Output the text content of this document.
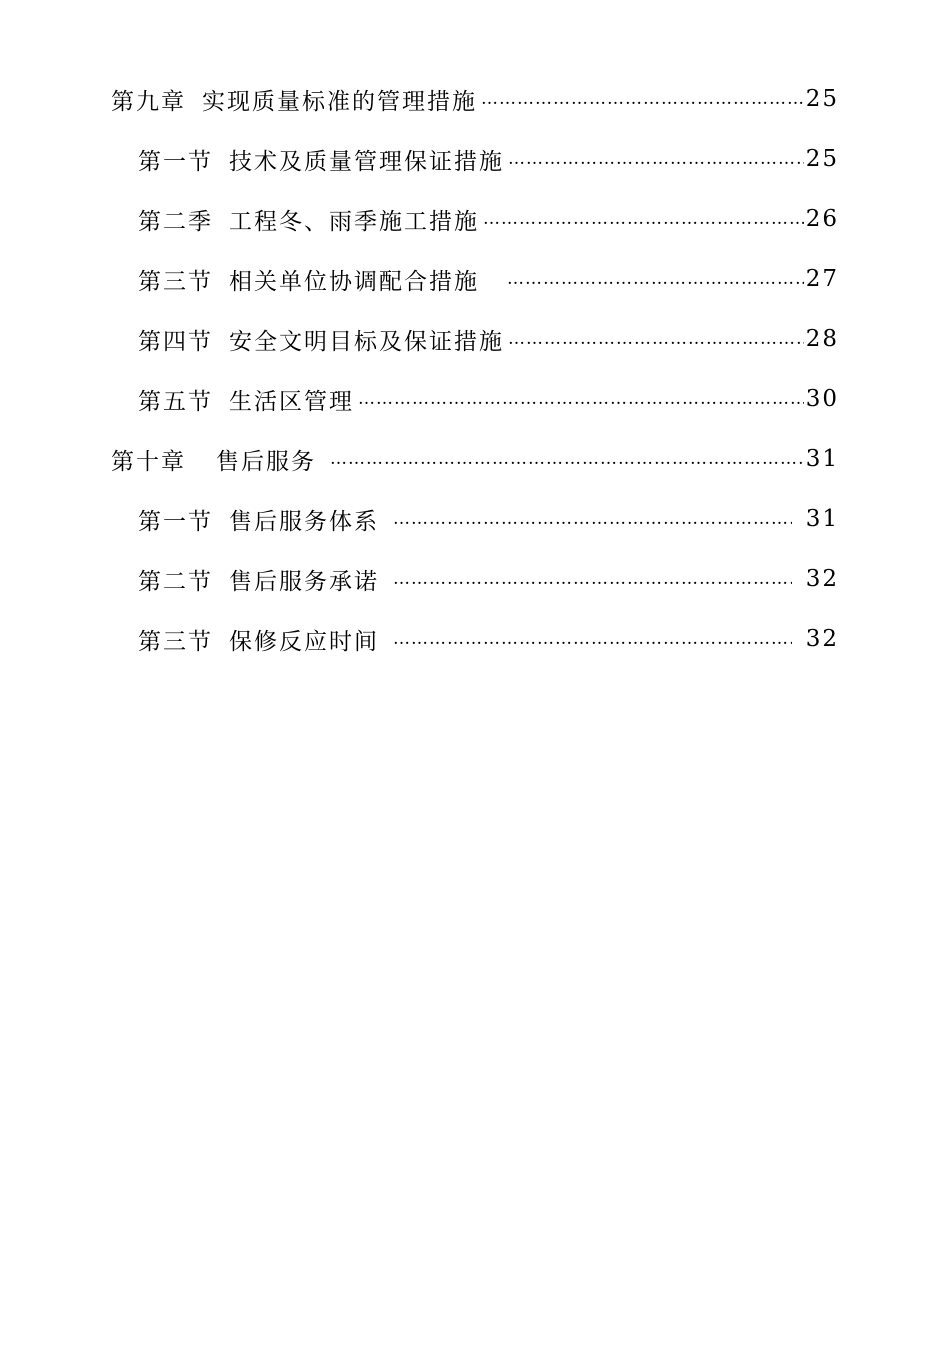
第九章 实现质量标准的管理措施 …………………………………………………………………………………………………………………………………………	25
第一节 技术及质量管理保证措施 …………………………………………………………………………………………………………………………………………	25
第二季 工程冬、雨季施工措施 …………………………………………………………………………………………………………………………………………	26
第三节 相关单位协调配合措施 …………………………………………………………………………………………………………………………………………	27
第四节 安全文明目标及保证措施 …………………………………………………………………………………………………………………………………………	28
第五节 生活区管理 …………………………………………………………………………………………………………………………………………	30
第十章 售后服务 …………………………………………………………………………………………………………………………………………	31
第一节 售后服务体系 …………………………………………………………………………………………………………………………………………	31
第二节 售后服务承诺 …………………………………………………………………………………………………………………………………………	32
第三节 保修反应时间 …………………………………………………………………………………………………………………………………………	32
